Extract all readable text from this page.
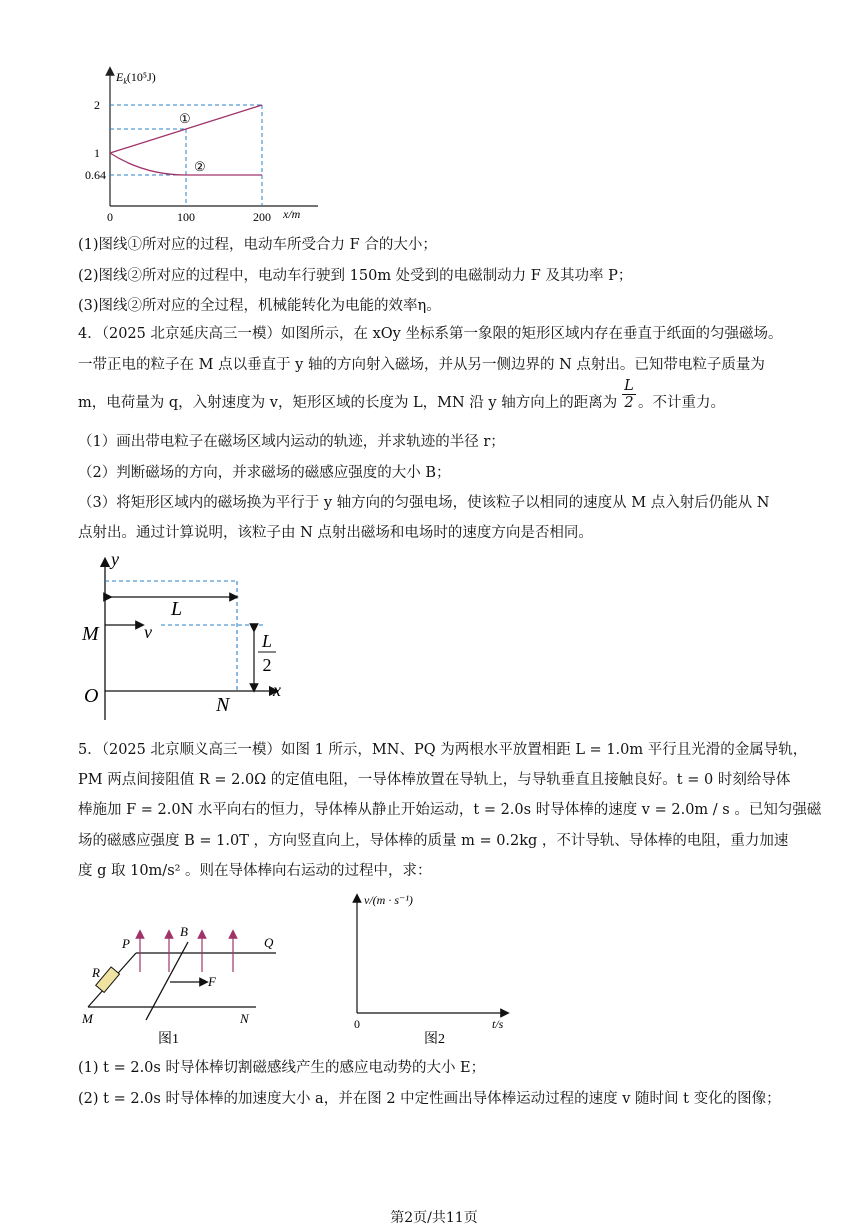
$E_k(10^5J)$
2
1
0.64
0	100	200 x/m
①
②
(1)图线①所对应的过程，电动车所受合力 F 合的大小；
(2)图线②所对应的过程中，电动车行驶到 150m 处受到的电磁制动力 F 及其功率 P；
(3)图线②所对应的全过程，机械能转化为电能的效率η。
4．（2025 北京延庆高三一模）如图所示，在 xOy 坐标系第一象限的矩形区域内存在垂直于纸面的匀强磁场。
一带正电的粒子在 M 点以垂直于 y 轴的方向射入磁场，并从另一侧边界的 N 点射出。已知带电粒子质量为
m，电荷量为 q，入射速度为 v，矩形区域的长度为 L，MN 沿 y 轴方向上的距离为 $\frac{L}{2}$ 。不计重力。
（1）画出带电粒子在磁场区域内运动的轨迹，并求轨迹的半径 r；
（2）判断磁场的方向，并求磁场的磁感应强度的大小 B；
（3）将矩形区域内的磁场换为平行于 y 轴方向的匀强电场，使该粒子以相同的速度从 M 点入射后仍能从 N
点射出。通过计算说明，该粒子由 N 点射出磁场和电场时的速度方向是否相同。
y
L
M	v	L
2
x
O	N
5．（2025 北京顺义高三一模）如图 1 所示，MN、PQ 为两根水平放置相距 L = 1.0m 平行且光滑的金属导轨，
PM 两点间接阻值 R = 2.0Ω 的定值电阻，一导体棒放置在导轨上，与导轨垂直且接触良好。t = 0 时刻给导体
棒施加 F = 2.0N 水平向右的恒力，导体棒从静止开始运动，t = 2.0s 时导体棒的速度 v = 2.0m / s 。已知匀强磁
场的磁感应强度 B = 1.0T ，方向竖直向上，导体棒的质量 m = 0.2kg ，不计导轨、导体棒的电阻，重力加速
度 g 取 10m/s² 。则在导体棒向右运动的过程中，求：
P
B
Q
R
F
M	N
图1
v/(m · s⁻¹)
0	t/s
图2
(1) t = 2.0s 时导体棒切割磁感线产生的感应电动势的大小 E；
(2) t = 2.0s 时导体棒的加速度大小 a，并在图 2 中定性画出导体棒运动过程的速度 v 随时间 t 变化的图像；
第2页/共11页
